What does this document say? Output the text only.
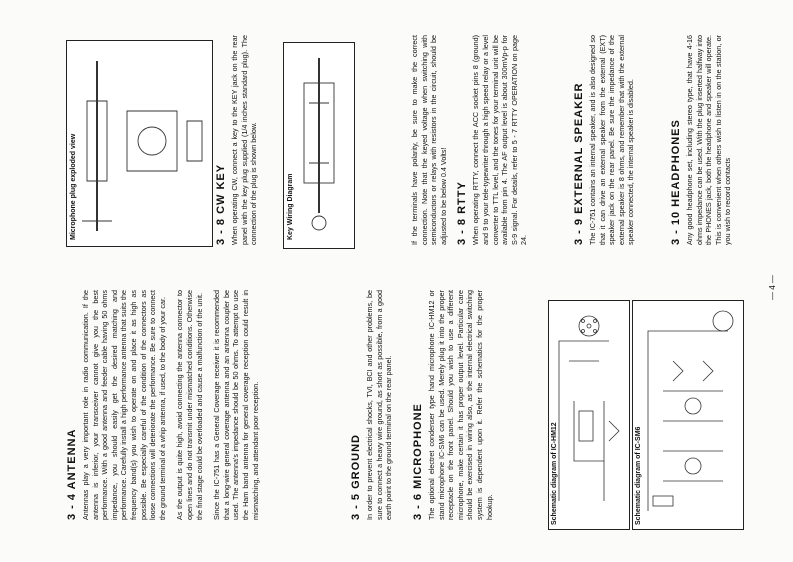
3 - 4 ANTENNA Antennas play a very important role in radio communication. If the antenna is inferior, your transceiver cannot give you the best performance. With a good antenna and feeder cable having 50 ohms impedance, you should easily get the desired matching and performance. Carefully install a high performance antenna that suits the frequency band(s) you wish to operate on and place it as high as possible. Be especially careful of the condition of the connectors as loose connections will deteriorate the performance. Be sure to connect the ground terminal of a whip antenna, if used, to the body of your car. As the output is quite high, avoid connecting the antenna connector to open lines and do not transmit under mismatched conditions. Otherwise the final stage could be overloaded and cause a malfunction of the unit. Since the IC-751 has a General Coverage receiver it is recommended that a long-wire general coverage antenna and an antenna coupler be used. The antenna's impedance should be 50 ohms. To attempt to use the Ham band antenna for general coverage reception could result in mismatching, and attendant poor reception.	3 - 5 GROUND In order to prevent electrical shocks, TVI, BCI and other problems, be sure to connect a heavy wire ground, as short as possible, from a good earth point to the ground terminal on the rear panel. 3 - 6 MICROPHONE The optional electret condenser type hand microphone IC-HM12 or stand microphone IC-SM6 can be used. Merely plug it into the proper receptacle on the front panel. Should you wish to use a different microphone, make certain it has proper output level. Particular care should be exercised in wiring also, as the internal electrical switching system is dependent upon it. Refer the schematics for the proper hookup.	Schematic diagram of IC-HM12	Schematic diagram of IC-SM6
Microphone plug exploded view	Key Wiring Diagram
3 - 8 CW KEY When operating CW, connect a key to the KEY jack on the rear panel with the key plug supplied (1/4 inches standard plug). The connection of the plug is shown below.	If the terminals have polarity, be sure to make the correct connection. Note that the keyed voltage when switching with semiconductors or relays with resistors in the circuit, should be adjusted to be below 0.4 Volts! 3 - 8 RTTY When operating RTTY, connect the ACC socket pins 8 (ground) and 9 to your tele-typewriter through a high speed relay or a level converter to TTL level, and the tones for your terminal unit will be available from pin 4. The AF output level is about 300mVp-p for S-9 signal. For details, refer to 5 - 7 RTTY OPERATION on page 24.	3 - 9 EXTERNAL SPEAKER The IC-751 contains an internal speaker, and is also designed so that it can drive an external speaker from the external (EXT) speaker jack on the rear panel. Be sure the impedance of the external speaker is 8 ohms, and remember that with the external speaker connected, the internal speaker is disabled.	3 - 10 HEADPHONES Any good headphone set, including stereo type, that have 4-16 ohms impedance can be used. With the plug inserted halfway into the PHONES jack, both the headphone and speaker will operate. This is convenient when others wish to listen in on the station, or you wish to record contacts

— 4 —
